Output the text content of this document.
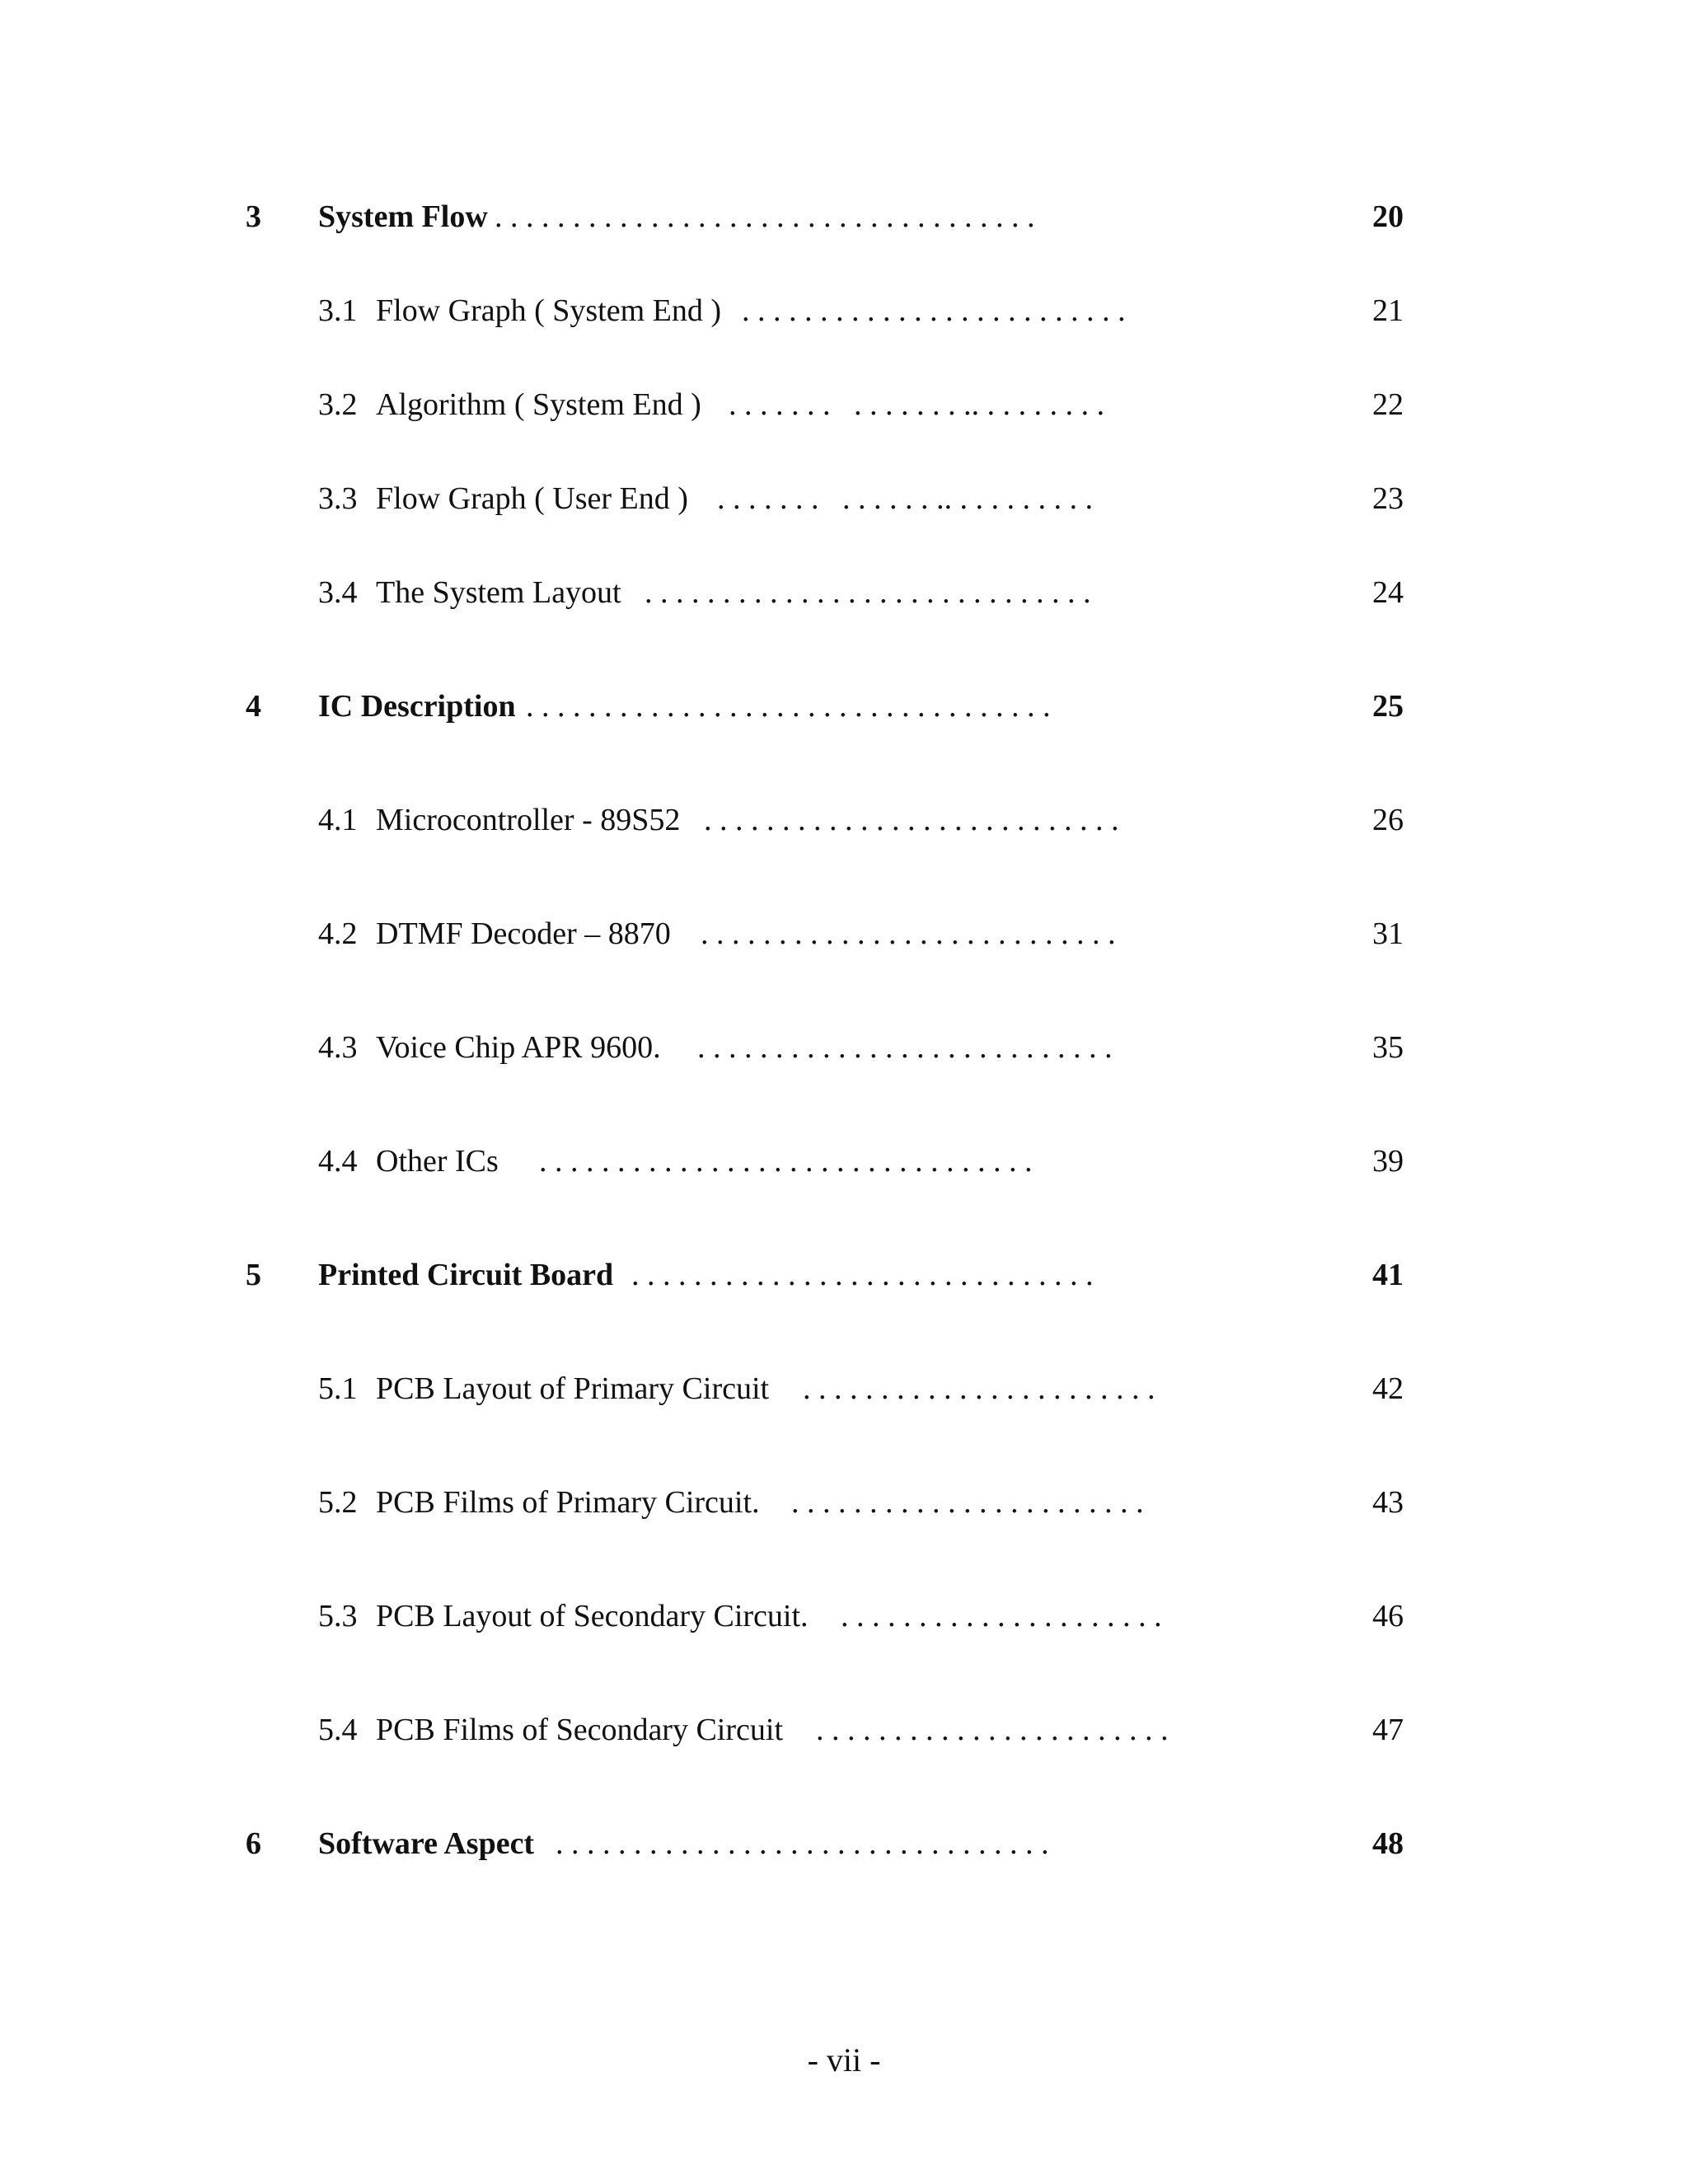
3 System Flow . . . . . . . . . . . . . . . . . . . . . . . . . . . . . . . . . . .	20
3.1 Flow Graph ( System End ) . . . . . . . . . . . . . . . . . . . . . . . . .	21
3.2 Algorithm ( System End ) . . . . . . .   . . . . . . . .. . . . . . . . .	22
3.3 Flow Graph ( User End ) . . . . . . .   . . . . . . .. . . . . . . . . .	23
3.4 The System Layout . . . . . . . . . . . . . . . . . . . . . . . . . . . . .	24
4 IC Description . . . . . . . . . . . . . . . . . . . . . . . . . . . . . . . . . .	25
4.1 Microcontroller - 89S52 . . . . . . . . . . . . . . . . . . . . . . . . . . .	26
4.2 DTMF Decoder – 8870 . . . . . . . . . . . . . . . . . . . . . . . . . . .	31
4.3 Voice Chip APR 9600. . . . . . . . . . . . . . . . . . . . . . . . . . . .	35
4.4 Other ICs . . . . . . . . . . . . . . . . . . . . . . . . . . . . . . . .	39
5 Printed Circuit Board . . . . . . . . . . . . . . . . . . . . . . . . . . . . . .	41
5.1 PCB Layout of Primary Circuit . . . . . . . . . . . . . . . . . . . . . . .	42
5.2 PCB Films of Primary Circuit. . . . . . . . . . . . . . . . . . . . . . . .	43
5.3 PCB Layout of Secondary Circuit. . . . . . . . . . . . . . . . . . . . . .	46
5.4 PCB Films of Secondary Circuit . . . . . . . . . . . . . . . . . . . . . . .	47
6 Software Aspect . . . . . . . . . . . . . . . . . . . . . . . . . . . . . . . .	48
- vii -
